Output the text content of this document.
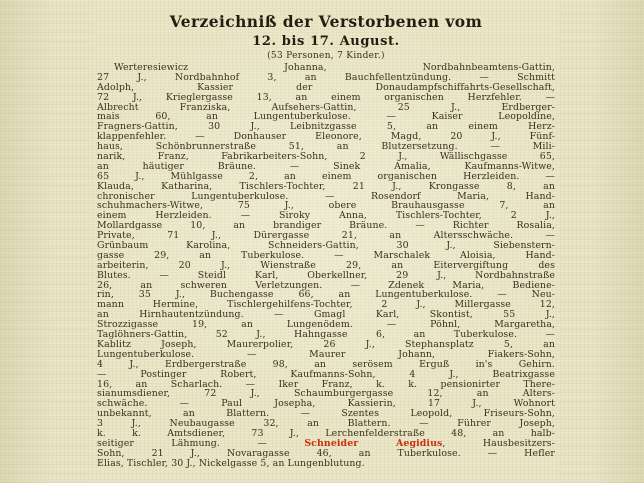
Verzeichniß der Verstorbenen vom
12. bis 17. August.
(53 Personen, 7 Kinder.)
Werteresiewicz Johanna, Nordbahnbeamtens-Gattin,
27 J., Nordbahnhof 3, an Bauchfellentzündung. — Schmitt
Adolph, Kassier der Donaudampfschiffahrts-Gesellschaft,
72 J., Krieglergasse 13, an einem organischen Herzfehler. —
Albrecht Franziska, Aufsehers-Gattin, 25 J., Erdberger-
mais 60, an Lungentuberkulose. — Kaiser Leopoldine,
Fragners-Gattin, 30 J., Leibnitzgasse 5, an einem Herz-
klappenfehler. — Donhauser Eleonore, Magd, 20 J., Fünf-
haus, Schönbrunnerstraße 51, an Blutzersetzung. — Mili-
narik, Franz, Fabrikarbeiters-Sohn, 2 J., Wällischgasse 65,
an häutiger Bräune. — Sinek Amalia, Kaufmanns-Witwe,
65 J., Mühlgasse 2, an einem organischen Herzleiden. —
Klauda, Katharina, Tischlers-Tochter, 21 J., Krongasse 8, an
chronischer Lungentuberkulose. — Rosendorf Maria, Hand-
schuhmachers-Witwe, 75 J., obere Brauhausgasse 7, an
einem Herzleiden. — Siroky Anna, Tischlers-Tochter, 2 J.,
Mollardgasse 10, an brandiger Bräune. — Richter Rosalia,
Private, 71 J., Dürergasse 21, an Altersschwäche. —
Grünbaum Karolina, Schneiders-Gattin, 30 J., Siebenstern-
gasse 29, an Tuberkulose. — Marschalek Aloisia, Hand-
arbeiterin, 20 J., Wienstraße 29, an Eitervergiftung des
Blutes. — Steidl Karl, Oberkellner, 29 J., Nordbahnstraße
26, an schweren Verletzungen. — Zdenek Maria, Bediene-
rin, 35 J., Buchengasse 66, an Lungentuberkulose. — Neu-
mann Hermine, Tischlergehilfens-Tochter, 2 J., Millergasse 12,
an Hirnhautentzündung. — Gmagl Karl, Skontist, 55 J.,
Strozzigasse 19, an Lungenödem. — Pöhnl, Margaretha,
Taglöhners-Gattin, 52 J., Hahngasse 6, an Tuberkulose. —
Kablitz Joseph, Maurerpolier, 26 J., Stephansplatz 5, an
Lungentuberkulose. — Maurer Johann, Fiakers-Sohn,
4 J., Erdbergerstraße 98, an serösem Erguß in's Gehirn.
— Postinger Robert, Kaufmanns-Sohn, 4 J., Beatrixgasse
16, an Scharlach. — Iker Franz, k. k. pensionirter There-
sianumsdiener, 72 J., Schaumburgergasse 12, an Alters-
schwäche. — Paul Josepha, Kassierin, 17 J., Wohnort
unbekannt, an Blattern. — Szentes Leopold, Friseurs-Sohn,
3 J., Neubaugasse 32, an Blattern. — Führer Joseph,
k. k. Amtsdiener, 73 J., Lerchenfelderstraße 48, an halb-
seitiger Lähmung. — Schneider Aegidius, Hausbesitzers-
Sohn, 21 J., Novaragasse 46, an Tuberkulose. — Hefler
Elias, Tischler, 30 J., Nickelgasse 5, an Lungenblutung.
